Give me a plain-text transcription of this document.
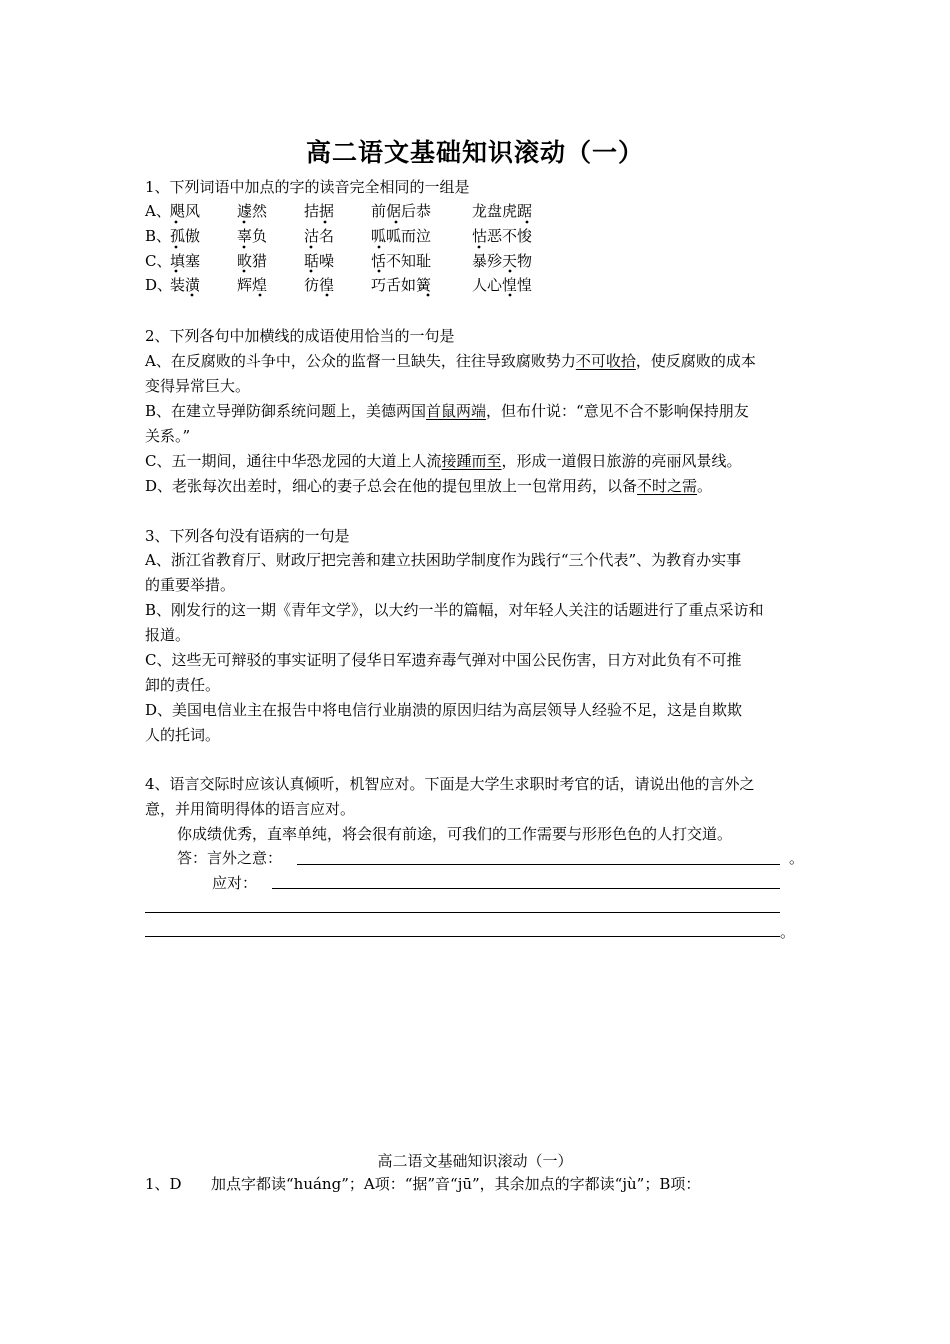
高二语文基础知识滚动（一）
1、下列词语中加点的字的读音完全相同的一组是
A、 飓风 遽然 拮据 前倨后恭	龙盘虎踞
B、
孤傲 辜负 沽名 呱呱而泣	怙恶不悛
C、
填塞 畋猎 聒噪 恬不知耻	暴殄天物
D、
装潢 辉煌 彷徨 巧舌如簧	人心惶惶
2、下列各句中加横线的成语使用恰当的一句是
A、在反腐败的斗争中，公众的监督一旦缺失，往往导致腐败势力不可收拾，使反腐败的成本
变得异常巨大。
B、在建立导弹防御系统问题上，美德两国首鼠两端，但布什说：“意见不合不影响保持朋友
关系。”
C、五一期间，通往中华恐龙园的大道上人流接踵而至，形成一道假日旅游的亮丽风景线。
D、老张每次出差时，细心的妻子总会在他的提包里放上一包常用药，以备不时之需。
3、下列各句没有语病的一句是
A、浙江省教育厅、财政厅把完善和建立扶困助学制度作为践行“三个代表”、为教育办实事
的重要举措。
B、刚发行的这一期《青年文学》，以大约一半的篇幅，对年轻人关注的话题进行了重点采访和
报道。
C、这些无可辩驳的事实证明了侵华日军遗弃毒气弹对中国公民伤害，日方对此负有不可推
卸的责任。
D、美国电信业主在报告中将电信行业崩溃的原因归结为高层领导人经验不足，这是自欺欺
人的托词。
4、语言交际时应该认真倾听，机智应对。下面是大学生求职时考官的话，请说出他的言外之
意，并用简明得体的语言应对。
你成绩优秀，直率单纯，将会很有前途，可我们的工作需要与形形色色的人打交道。
答：言外之意：	。
应对：
。
高二语文基础知识滚动（一）
1、D	加点字都读“huáng”；A项：“据”音“jū”，其余加点的字都读“jù”；B项：
